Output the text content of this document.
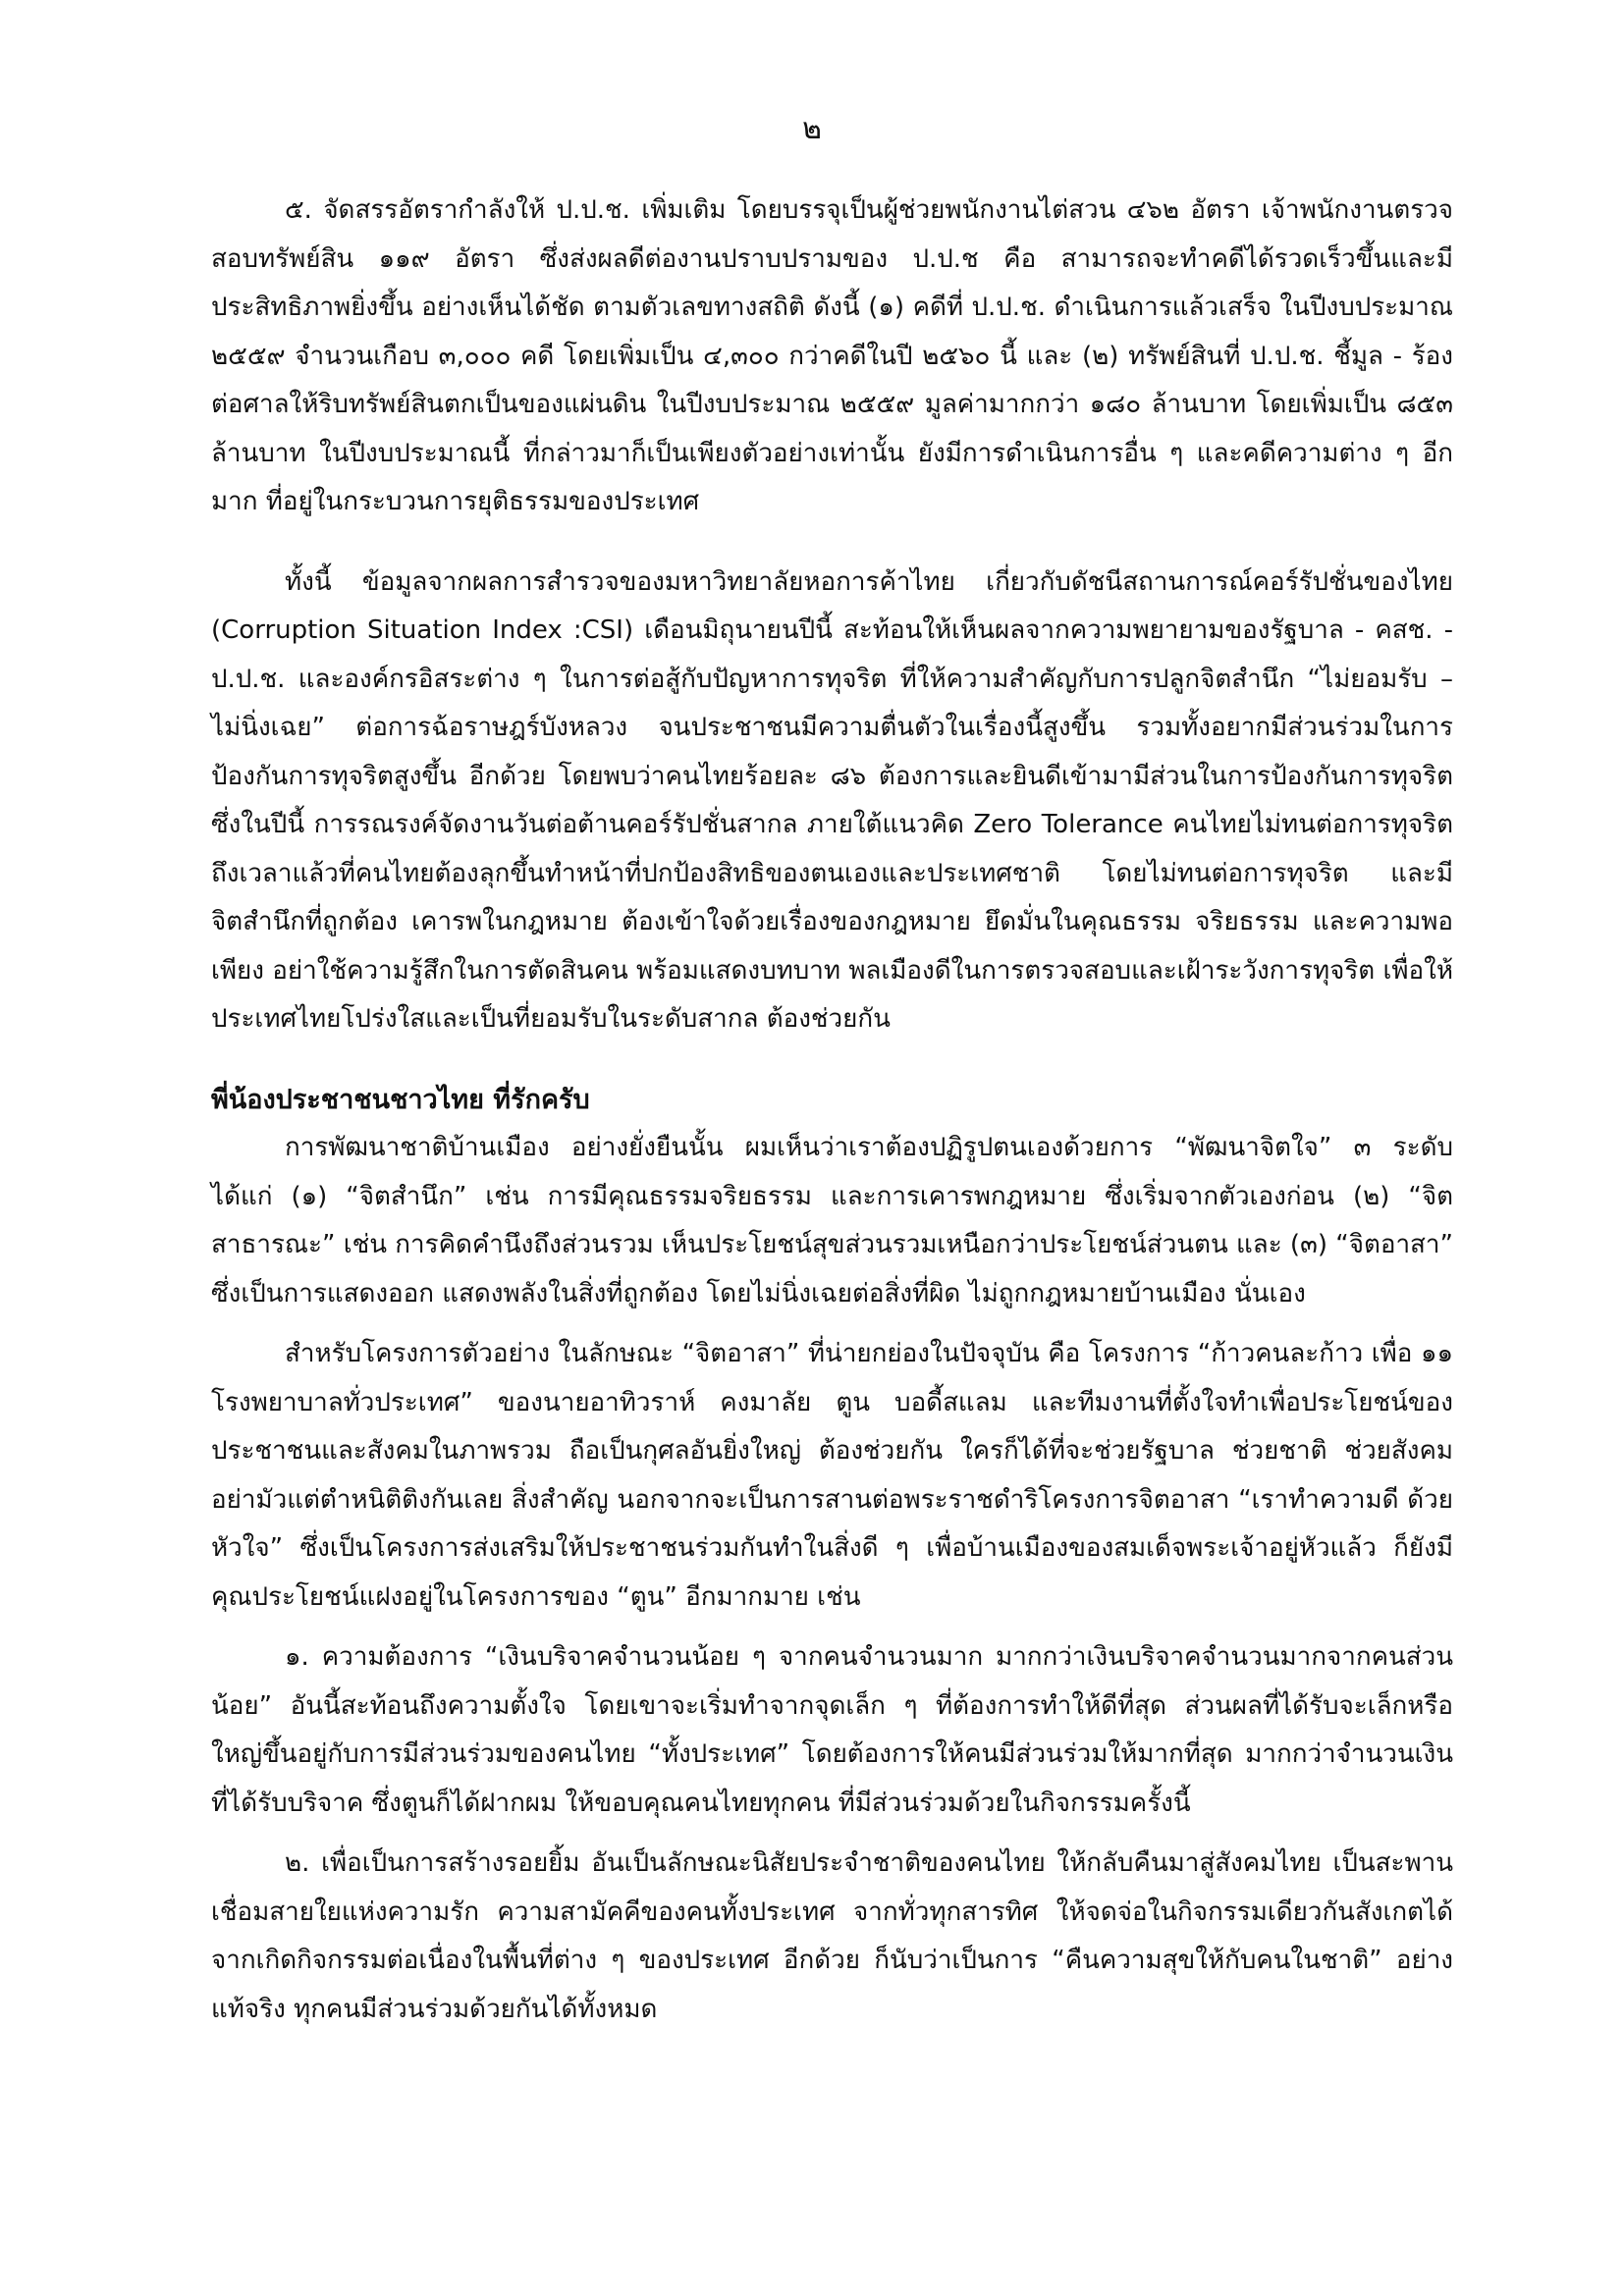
๒

๕. จัดสรรอัตรากำลังให้ ป.ป.ช. เพิ่มเติม โดยบรรจุเป็นผู้ช่วยพนักงานไต่สวน ๔๖๒ อัตรา เจ้าพนักงานตรวจสอบทรัพย์สิน ๑๑๙ อัตรา ซึ่งส่งผลดีต่องานปราบปรามของ ป.ป.ช คือ สามารถจะทำคดีได้รวดเร็วขึ้นและมีประสิทธิภาพยิ่งขึ้น อย่างเห็นได้ชัด ตามตัวเลขทางสถิติ ดังนี้ (๑) คดีที่ ป.ป.ช. ดำเนินการแล้วเสร็จ ในปีงบประมาณ ๒๕๕๙ จำนวนเกือบ ๓,๐๐๐ คดี โดยเพิ่มเป็น ๔,๓๐๐ กว่าคดีในปี ๒๕๖๐ นี้ และ (๒) ทรัพย์สินที่ ป.ป.ช. ชี้มูล - ร้องต่อศาลให้ริบทรัพย์สินตกเป็นของแผ่นดิน ในปีงบประมาณ ๒๕๕๙ มูลค่ามากกว่า ๑๘๐ ล้านบาท โดยเพิ่มเป็น ๘๕๓ ล้านบาท ในปีงบประมาณนี้ ที่กล่าวมาก็เป็นเพียงตัวอย่างเท่านั้น ยังมีการดำเนินการอื่น ๆ และคดีความต่าง ๆ อีกมาก ที่อยู่ในกระบวนการยุติธรรมของประเทศ

ทั้งนี้ ข้อมูลจากผลการสำรวจของมหาวิทยาลัยหอการค้าไทย เกี่ยวกับดัชนีสถานการณ์คอร์รัปชั่นของไทย (Corruption Situation Index :CSI) เดือนมิถุนายนปีนี้ สะท้อนให้เห็นผลจากความพยายามของรัฐบาล - คสช. - ป.ป.ช. และองค์กรอิสระต่าง ๆ ในการต่อสู้กับปัญหาการทุจริต ที่ให้ความสำคัญกับการปลูกจิตสำนึก “ไม่ยอมรับ – ไม่นิ่งเฉย” ต่อการฉ้อราษฎร์บังหลวง จนประชาชนมีความตื่นตัวในเรื่องนี้สูงขึ้น รวมทั้งอยากมีส่วนร่วมในการป้องกันการทุจริตสูงขึ้น อีกด้วย โดยพบว่าคนไทยร้อยละ ๘๖ ต้องการและยินดีเข้ามามีส่วนในการป้องกันการทุจริต ซึ่งในปีนี้ การรณรงค์จัดงานวันต่อต้านคอร์รัปชั่นสากล ภายใต้แนวคิด Zero Tolerance คนไทยไม่ทนต่อการทุจริต ถึงเวลาแล้วที่คนไทยต้องลุกขึ้นทำหน้าที่ปกป้องสิทธิของตนเองและประเทศชาติ โดยไม่ทนต่อการทุจริต และมีจิตสำนึกที่ถูกต้อง เคารพในกฎหมาย ต้องเข้าใจด้วยเรื่องของกฎหมาย ยึดมั่นในคุณธรรม จริยธรรม และความพอเพียง อย่าใช้ความรู้สึกในการตัดสินคน พร้อมแสดงบทบาท พลเมืองดีในการตรวจสอบและเฝ้าระวังการทุจริต เพื่อให้ประเทศไทยโปร่งใสและเป็นที่ยอมรับในระดับสากล ต้องช่วยกัน

พี่น้องประชาชนชาวไทย ที่รักครับ

การพัฒนาชาติบ้านเมือง อย่างยั่งยืนนั้น ผมเห็นว่าเราต้องปฏิรูปตนเองด้วยการ “พัฒนาจิตใจ” ๓ ระดับ ได้แก่ (๑) “จิตสำนึก” เช่น การมีคุณธรรมจริยธรรม และการเคารพกฎหมาย ซึ่งเริ่มจากตัวเองก่อน (๒) “จิตสาธารณะ” เช่น การคิดคำนึงถึงส่วนรวม เห็นประโยชน์สุขส่วนรวมเหนือกว่าประโยชน์ส่วนตน และ (๓) “จิตอาสา” ซึ่งเป็นการแสดงออก แสดงพลังในสิ่งที่ถูกต้อง โดยไม่นิ่งเฉยต่อสิ่งที่ผิด ไม่ถูกกฎหมายบ้านเมือง นั่นเอง

สำหรับโครงการตัวอย่าง ในลักษณะ “จิตอาสา” ที่น่ายกย่องในปัจจุบัน คือ โครงการ “ก้าวคนละก้าว เพื่อ ๑๑ โรงพยาบาลทั่วประเทศ” ของนายอาทิวราห์ คงมาลัย ตูน บอดี้สแลม และทีมงานที่ตั้งใจทำเพื่อประโยชน์ของประชาชนและสังคมในภาพรวม ถือเป็นกุศลอันยิ่งใหญ่ ต้องช่วยกัน ใครก็ได้ที่จะช่วยรัฐบาล ช่วยชาติ ช่วยสังคม อย่ามัวแต่ตำหนิติติงกันเลย สิ่งสำคัญ นอกจากจะเป็นการสานต่อพระราชดำริโครงการจิตอาสา “เราทำความดี ด้วยหัวใจ” ซึ่งเป็นโครงการส่งเสริมให้ประชาชนร่วมกันทำในสิ่งดี ๆ เพื่อบ้านเมืองของสมเด็จพระเจ้าอยู่หัวแล้ว ก็ยังมีคุณประโยชน์แฝงอยู่ในโครงการของ “ตูน” อีกมากมาย เช่น

๑. ความต้องการ “เงินบริจาคจำนวนน้อย ๆ จากคนจำนวนมาก มากกว่าเงินบริจาคจำนวนมากจากคนส่วนน้อย” อันนี้สะท้อนถึงความตั้งใจ โดยเขาจะเริ่มทำจากจุดเล็ก ๆ ที่ต้องการทำให้ดีที่สุด ส่วนผลที่ได้รับจะเล็กหรือใหญ่ขึ้นอยู่กับการมีส่วนร่วมของคนไทย “ทั้งประเทศ” โดยต้องการให้คนมีส่วนร่วมให้มากที่สุด มากกว่าจำนวนเงินที่ได้รับบริจาค ซึ่งตูนก็ได้ฝากผม ให้ขอบคุณคนไทยทุกคน ที่มีส่วนร่วมด้วยในกิจกรรมครั้งนี้

๒. เพื่อเป็นการสร้างรอยยิ้ม อันเป็นลักษณะนิสัยประจำชาติของคนไทย ให้กลับคืนมาสู่สังคมไทย เป็นสะพาน เชื่อมสายใยแห่งความรัก ความสามัคคีของคนทั้งประเทศ จากทั่วทุกสารทิศ ให้จดจ่อในกิจกรรมเดียวกันสังเกตได้จากเกิดกิจกรรมต่อเนื่องในพื้นที่ต่าง ๆ ของประเทศ อีกด้วย ก็นับว่าเป็นการ “คืนความสุขให้กับคนในชาติ” อย่างแท้จริง ทุกคนมีส่วนร่วมด้วยกันได้ทั้งหมด
